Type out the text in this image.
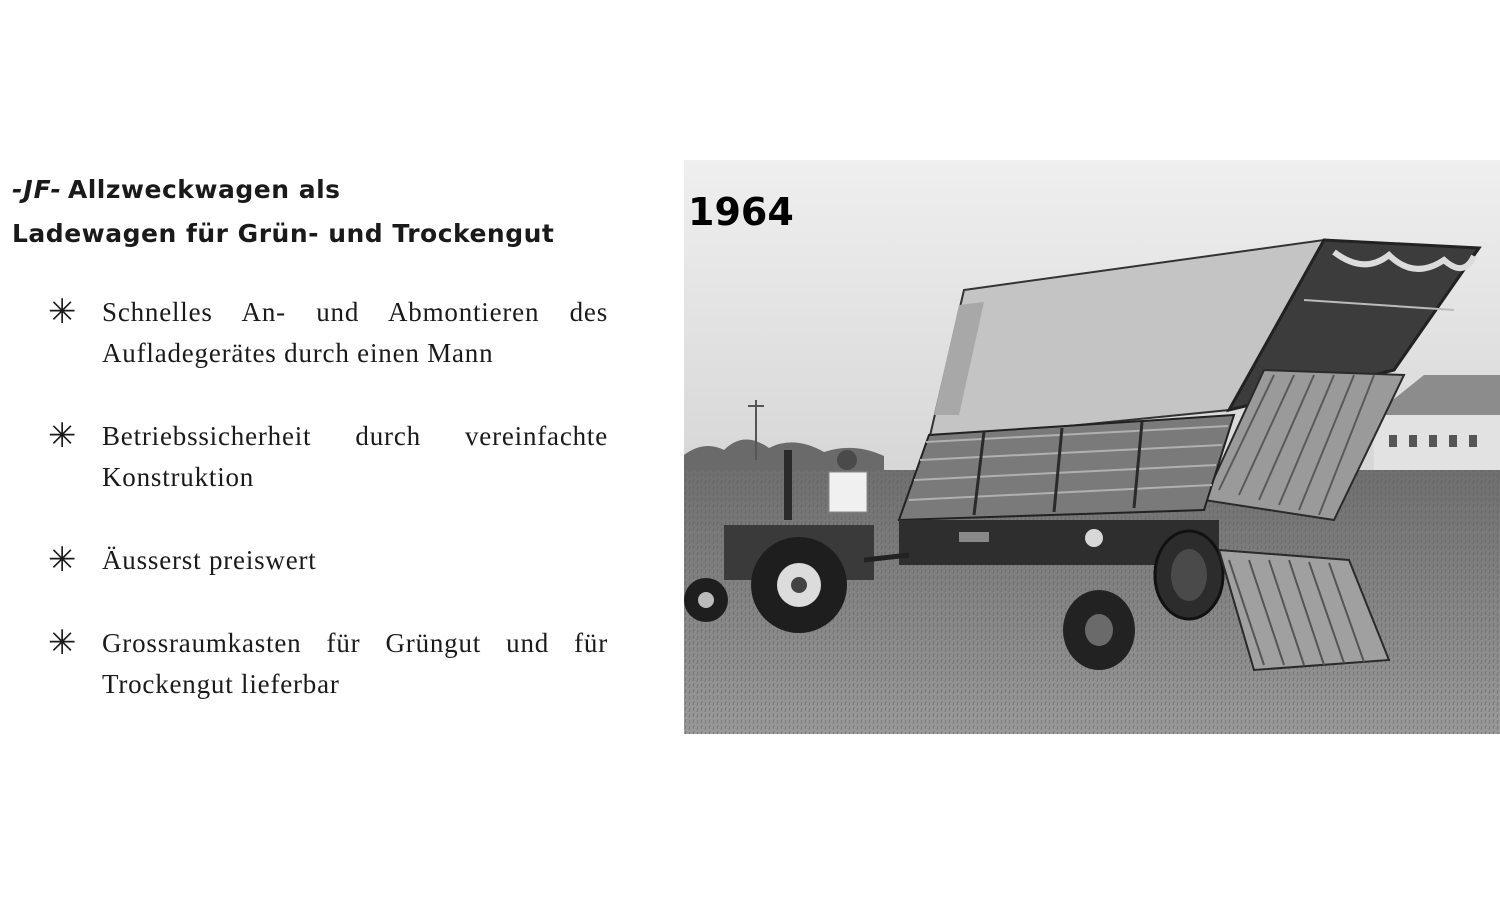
-JF- Allzweckwagen als
Ladewagen für Grün- und Trockengut
✳ Schnelles An- und Abmontieren des Aufladegerätes durch einen Mann
✳ Betriebssicherheit durch vereinfachte Konstruktion
✳ Äusserst preiswert
✳ Grossraumkasten für Grüngut und für Trockengut lieferbar
1964
